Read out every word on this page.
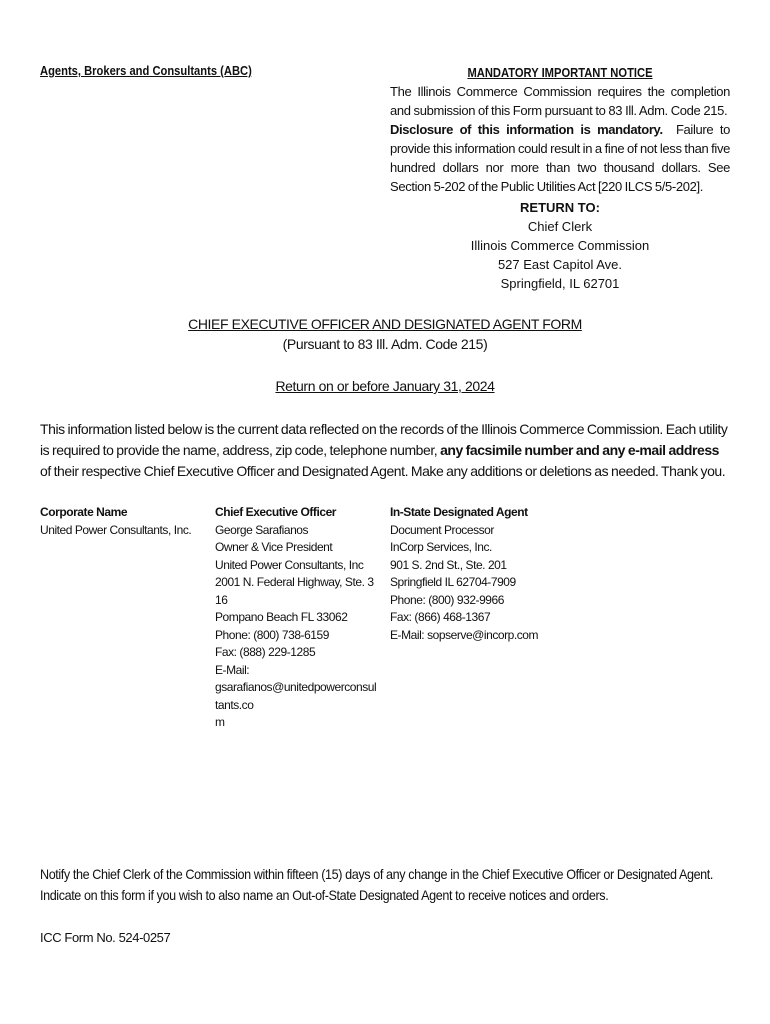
Agents, Brokers and Consultants (ABC)	MANDATORY IMPORTANT NOTICE
The Illinois Commerce Commission requires the completion and submission of this Form pursuant to 83 Ill. Adm. Code 215.  Disclosure of this information is mandatory. Failure to provide this information could result in a fine of not less than five hundred dollars nor more than two thousand dollars. See Section 5-202 of the Public Utilities Act [220 ILCS 5/5-202].
RETURN TO:
Chief Clerk
Illinois Commerce Commission
527 East Capitol Ave.
Springfield, IL 62701
CHIEF EXECUTIVE OFFICER AND DESIGNATED AGENT FORM
(Pursuant to 83 Ill. Adm. Code 215)
Return on or before January 31, 2024
This information listed below is the current data reflected on the records of the Illinois Commerce Commission. Each utility is required to provide the name, address, zip code, telephone number, any facsimile number and any e-mail address of their respective Chief Executive Officer and Designated Agent. Make any additions or deletions as needed. Thank you.
Corporate Name
United Power Consultants, Inc.
Chief Executive Officer
George Sarafianos
Owner & Vice President
United Power Consultants, Inc
2001 N. Federal Highway, Ste. 316
Pompano Beach FL 33062
Phone: (800) 738-6159
Fax: (888) 229-1285
E-Mail:
gsarafianos@unitedpowerconsultants.co
m
In-State Designated Agent
Document Processor
InCorp Services, Inc.
901 S. 2nd St., Ste. 201
Springfield IL 62704-7909
Phone: (800) 932-9966
Fax: (866) 468-1367
E-Mail: sopserve@incorp.com
Notify the Chief Clerk of the Commission within fifteen (15) days of any change in the Chief Executive Officer or Designated Agent.
Indicate on this form if you wish to also name an Out-of-State Designated Agent to receive notices and orders.
ICC Form No. 524-0257
